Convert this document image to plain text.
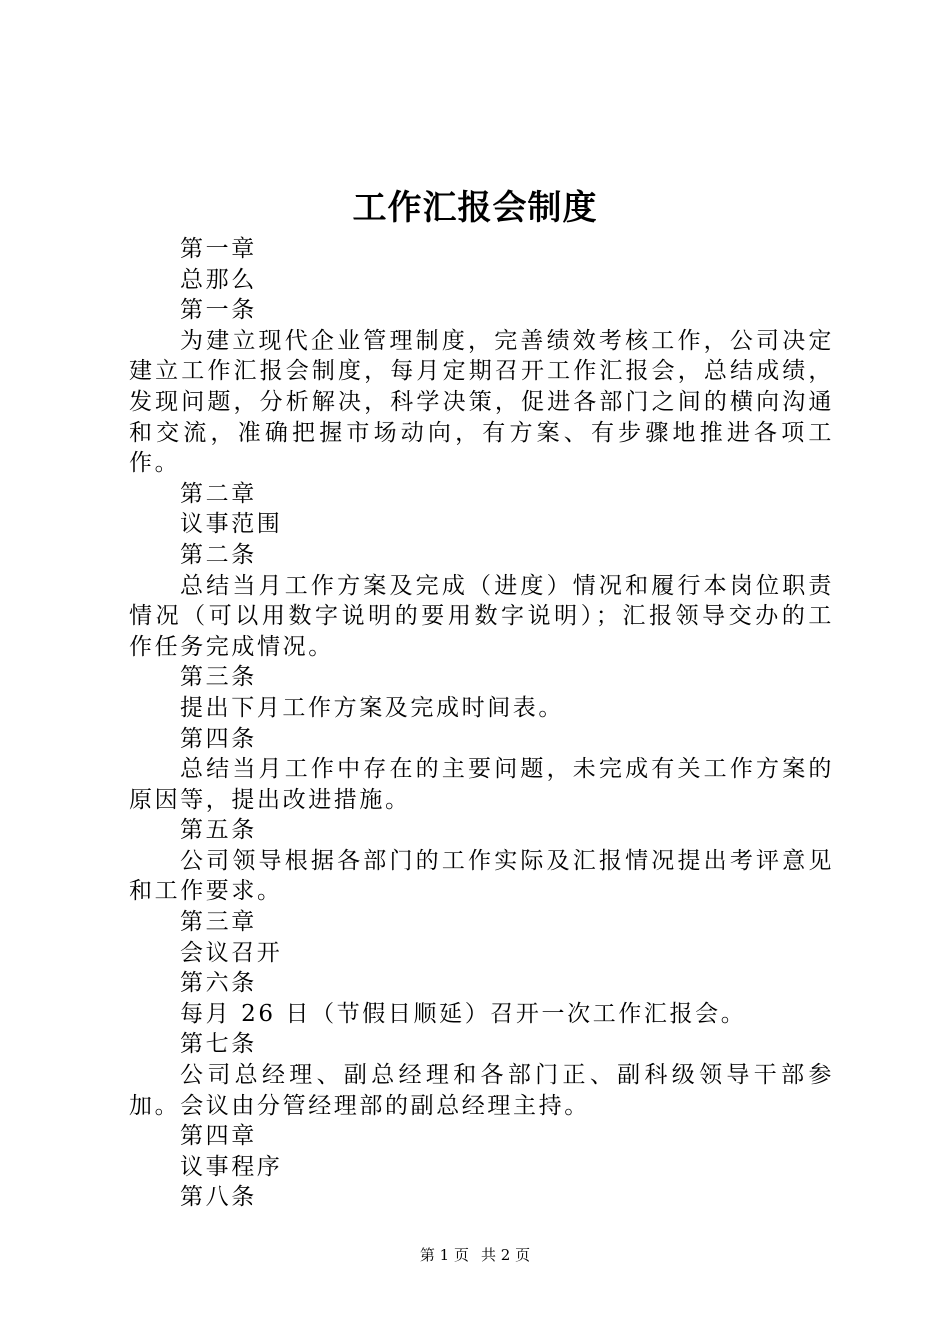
工作汇报会制度

第一章

总那么

第一条

为建立现代企业管理制度，完善绩效考核工作，公司决定建立工作汇报会制度，每月定期召开工作汇报会，总结成绩，发现问题，分析解决，科学决策，促进各部门之间的横向沟通和交流，准确把握市场动向，有方案、有步骤地推进各项工作。

第二章

议事范围

第二条

总结当月工作方案及完成（进度）情况和履行本岗位职责情况（可以用数字说明的要用数字说明）；汇报领导交办的工作任务完成情况。

第三条

提出下月工作方案及完成时间表。

第四条

总结当月工作中存在的主要问题，未完成有关工作方案的原因等，提出改进措施。

第五条

公司领导根据各部门的工作实际及汇报情况提出考评意见和工作要求。

第三章

会议召开

第六条

每月 26 日（节假日顺延）召开一次工作汇报会。

第七条

公司总经理、副总经理和各部门正、副科级领导干部参加。会议由分管经理部的副总经理主持。

第四章

议事程序

第八条

第 1 页 共 2 页
